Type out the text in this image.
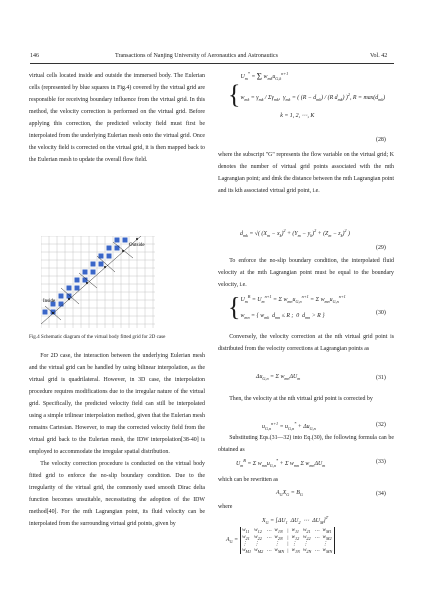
146	Transactions of Nanjing University of Aeronautics and Astronautics	Vol. 42

virtual cells located inside and outside the immersed body. The Eulerian cells (represented by blue squares in Fig.4) covered by the virtual grid are responsible for receiving boundary influence from the virtual grid. In this method, the velocity correction is performed on the virtual grid. Before applying this correction, the predicted velocity field must first be interpolated from the underlying Eulerian mesh onto the virtual grid. Once the velocity field is corrected on the virtual grid, it is then mapped back to the Eulerian mesh to update the overall flow field.

Outside
Inside
Fig.4 Schematic diagram of the virtual body fitted grid for 2D case

For 2D case, the interaction between the underlying Eulerian mesh and the virtual grid can be handled by using bilinear interpolation, as the virtual grid is quadrilateral. However, in 3D case, the interpolation procedure requires modifications due to the irregular nature of the virtual grid. Specifically, the predicted velocity field can still be interpolated using a simple trilinear interpolation method, given that the Eulerian mesh remains Cartesian. However, to map the corrected velocity field from the virtual grid back to the Eulerian mesh, the IDW interpolation[38-40] is employed to accommodate the irregular spatial distribution.

The velocity correction procedure is conducted on the virtual body fitted grid to enforce the no-slip boundary condition. Due to the irregularity of the virtual grid, the commonly used smooth Dirac delta function becomes unsuitable, necessitating the adoption of the IDW method[40]. For the mth Lagrangian point, its fluid velocity can be interpolated from the surrounding virtual grid points, given by

{$U_m^* = \Sigma$ $w_{mk}u_{G,k}^{n+1}$
$w_{mk} = \gamma_{mk} / \Sigma\gamma_{mk}$,  $\gamma_{mk}$ = ( $(R - d_{mk}) / (R$ $d_{mk}$) )$^2$, $R = \max(d_{mk})$
k = 1, 2, ⋯, K
(28)

where the subscript "G" represents the flow variable on the virtual grid; K denotes the number of virtual grid points associated with the mth Lagrangian point; and dmk the distance between the mth Lagrangian point and its kth associated virtual grid point, i.e.

$d_{mk}$ = √( $(X_m - x_k)^2 + (Y_m - y_k)^2 + (Z_m - z_k)^2$ )
(29)

To enforce the no-slip boundary condition, the interpolated fluid velocity at the mth Lagrangian point must be equal to the boundary velocity, i.e.

{$U_m^B = U_m^{n+1} = \Sigma$ $w_{mn}u_{G,n}^{n+1} = \Sigma$ $w_{mn}u_{G,n}^{n+1}$
$w_{mn}$ = { $w_{mk}$  $d_{mn} \le R$ ;  0  $d_{mn} > R$ }
(30)

Conversely, the velocity correction at the nth virtual grid point is distributed from the velocity corrections at Lagrangian points as

$\Delta u_{G,n} = \Sigma$ $w_{mn}\Delta U_m$	(31)

Then, the velocity at the nth virtual grid point is corrected by

$u_{G,n}^{n+1} = u_{G,n}^* + \Delta u_{G,n}$
(32)

Substituting Eqs.(31—32) into Eq.(30), the following formula can be obtained as

$U_m^B = \Sigma$ $w_{mn}u_{G,n}^* + \Sigma$ $w_{mn}$ Σ $w_{mn}\Delta U_m$
(33)

which can be rewritten as

$A_GX_G = B_G$	(34)
where
$X_G = [\Delta U_1$  $\Delta U_2$  ⋯  $\Delta U_M]^T$
$A_G = w_{11}$	$w_{12}$	⋯	$w_{1N}$	|	$w_{11}$	$w_{21}$	⋯	$w_{M1}$
$w_{21}$	$w_{22}$	⋯	$w_{2N}$	|	$w_{12}$	$w_{22}$	⋯	$w_{M2}$
⋮	⋮		⋮	|	⋮	⋮		⋮
$w_{M1}$	$w_{M2}$	⋯	$w_{MN}$	|	$w_{1N}$	$w_{2N}$	⋯	$w_{MN}$
